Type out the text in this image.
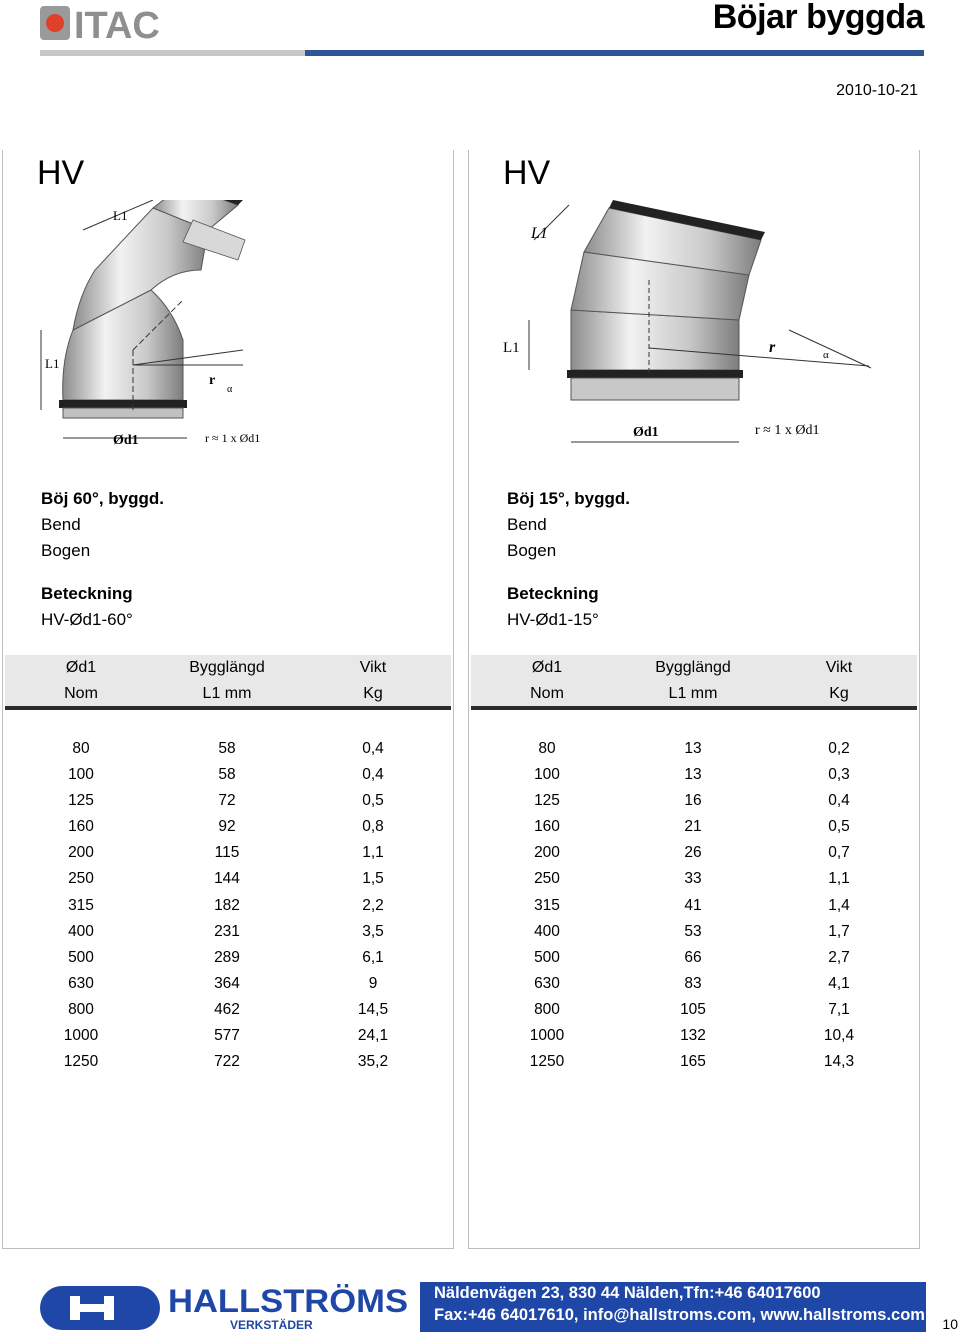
ITAC	Böjar byggda
2010-10-21
HV
L1
L1
r
α
Ød1	r ≈ 1 x Ød1
Böj 60°, byggd.
Bend
Bogen
Beteckning
HV-Ød1-60°
Ød1
Nom
Bygglängd
L1 mm
Vikt
Kg
80	58	0,4
100	58	0,4
125	72	0,5
160	92	0,8
200	115	1,1
250	144	1,5
315	182	2,2
400	231	3,5
500	289	6,1
630	364	9
800	462	14,5
1000	577	24,1
1250	722	35,2
HV
L1
L1	r	α
Ød1	r ≈ 1 x Ød1
Böj 15°, byggd.
Bend
Bogen
Beteckning
HV-Ød1-15°
Ød1
Nom
Bygglängd
L1 mm
Vikt
Kg
80	13	0,2
100	13	0,3
125	16	0,4
160	21	0,5
200	26	0,7
250	33	1,1
315	41	1,4
400	53	1,7
500	66	2,7
630	83	4,1
800	105	7,1
1000	132	10,4
1250	165	14,3
HALLSTRÖMS
VERKSTÄDER
Näldenvägen 23, 830 44 Nälden,Tfn:+46 64017600
Fax:+46 64017610, info@hallstroms.com, www.hallstroms.com 10
